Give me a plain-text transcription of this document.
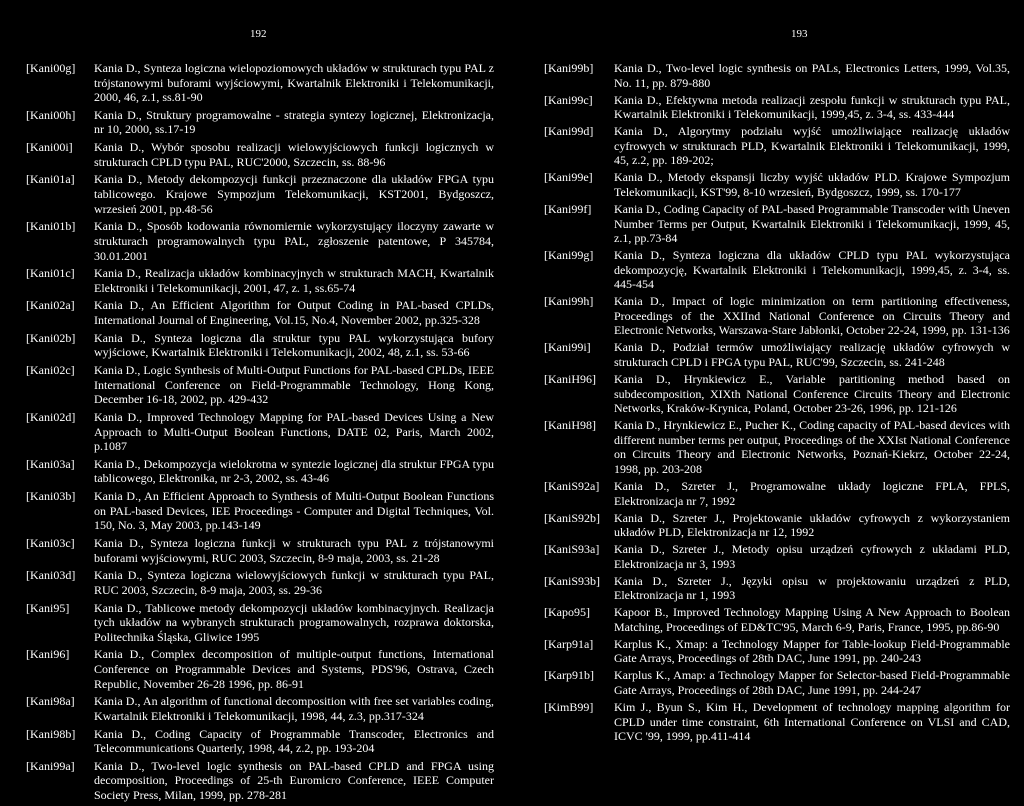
192
[Kani00g]	Kania D., Synteza logiczna wielopoziomowych układów w strukturach typu PAL z trójstanowymi buforami wyjściowymi, Kwartalnik Elektroniki i Telekomunikacji, 2000, 46, z.1, ss.81-90
[Kani00h]	Kania D., Struktury programowalne - strategia syntezy logicznej, Elektronizacja, nr 10, 2000, ss.17-19
[Kani00i]	Kania D., Wybór sposobu realizacji wielowyjściowych funkcji logicznych w strukturach CPLD typu PAL, RUC'2000, Szczecin, ss. 88-96
[Kani01a]	Kania D., Metody dekompozycji funkcji przeznaczone dla układów FPGA typu tablicowego. Krajowe Sympozjum Telekomunikacji, KST2001, Bydgoszcz, wrzesień 2001, pp.48-56
[Kani01b]	Kania D., Sposób kodowania równomiernie wykorzystujący iloczyny zawarte w strukturach programowalnych typu PAL, zgłoszenie patentowe, P 345784, 30.01.2001
[Kani01c]	Kania D., Realizacja układów kombinacyjnych w strukturach MACH, Kwartalnik Elektroniki i Telekomunikacji, 2001, 47, z. 1, ss.65-74
[Kani02a]	Kania D., An Efficient Algorithm for Output Coding in PAL-based CPLDs, International Journal of Engineering, Vol.15, No.4, November 2002, pp.325-328
[Kani02b]	Kania D., Synteza logiczna dla struktur typu PAL wykorzystująca bufory wyjściowe, Kwartalnik Elektroniki i Telekomunikacji, 2002, 48, z.1, ss. 53-66
[Kani02c]	Kania D., Logic Synthesis of Multi-Output Functions for PAL-based CPLDs, IEEE International Conference on Field-Programmable Technology, Hong Kong, December 16-18, 2002, pp. 429-432
[Kani02d]	Kania D., Improved Technology Mapping for PAL-based Devices Using a New Approach to Multi-Output Boolean Functions, DATE 02, Paris, March 2002, p.1087
[Kani03a]	Kania D., Dekompozycja wielokrotna w syntezie logicznej dla struktur FPGA typu tablicowego, Elektronika, nr 2-3, 2002, ss. 43-46
[Kani03b]	Kania D., An Efficient Approach to Synthesis of Multi-Output Boolean Functions on PAL-based Devices, IEE Proceedings - Computer and Digital Techniques, Vol. 150, No. 3, May 2003, pp.143-149
[Kani03c]	Kania D., Synteza logiczna funkcji w strukturach typu PAL z trójstanowymi buforami wyjściowymi, RUC 2003, Szczecin, 8-9 maja, 2003, ss. 21-28
[Kani03d]	Kania D., Synteza logiczna wielowyjściowych funkcji w strukturach typu PAL, RUC 2003, Szczecin, 8-9 maja, 2003, ss. 29-36
[Kani95]	Kania D., Tablicowe metody dekompozycji układów kombinacyjnych. Realizacja tych układów na wybranych strukturach programowalnych, rozprawa doktorska, Politechnika Śląska, Gliwice 1995
[Kani96]	Kania D., Complex decomposition of multiple-output functions, International Conference on Programmable Devices and Systems, PDS'96, Ostrava, Czech Republic, November 26-28 1996, pp. 86-91
[Kani98a]	Kania D., An algorithm of functional decomposition with free set variables coding, Kwartalnik Elektroniki i Telekomunikacji, 1998, 44, z.3, pp.317-324
[Kani98b]	Kania D., Coding Capacity of Programmable Transcoder, Electronics and Telecommunications Quarterly, 1998, 44, z.2, pp. 193-204
[Kani99a]	Kania D., Two-level logic synthesis on PAL-based CPLD and FPGA using decomposition, Proceedings of 25-th Euromicro Conference, IEEE Computer Society Press, Milan, 1999, pp. 278-281
193
[Kani99b]	Kania D., Two-level logic synthesis on PALs, Electronics Letters, 1999, Vol.35, No. 11, pp. 879-880
[Kani99c]	Kania D., Efektywna metoda realizacji zespołu funkcji w strukturach typu PAL, Kwartalnik Elektroniki i Telekomunikacji, 1999,45, z. 3-4, ss. 433-444
[Kani99d]	Kania D., Algorytmy podziału wyjść umożliwiające realizację układów cyfrowych w strukturach PLD, Kwartalnik Elektroniki i Telekomunikacji, 1999, 45, z.2, pp. 189-202;
[Kani99e]	Kania D., Metody ekspansji liczby wyjść układów PLD. Krajowe Sympozjum Telekomunikacji, KST'99, 8-10 wrzesień, Bydgoszcz, 1999, ss. 170-177
[Kani99f]	Kania D., Coding Capacity of PAL-based Programmable Transcoder with Uneven Number Terms per Output, Kwartalnik Elektroniki i Telekomunikacji, 1999, 45, z.1, pp.73-84
[Kani99g]	Kania D., Synteza logiczna dla układów CPLD typu PAL wykorzystująca dekompozycję, Kwartalnik Elektroniki i Telekomunikacji, 1999,45, z. 3-4, ss. 445-454
[Kani99h]	Kania D., Impact of logic minimization on term partitioning effectiveness, Proceedings of the XXIInd National Conference on Circuits Theory and Electronic Networks, Warszawa-Stare Jabłonki, October 22-24, 1999, pp. 131-136
[Kani99i]	Kania D., Podział termów umożliwiający realizację układów cyfrowych w strukturach CPLD i FPGA typu PAL, RUC'99, Szczecin, ss. 241-248
[KaniH96]	Kania D., Hrynkiewicz E., Variable partitioning method based on subdecomposition, XIXth National Conference Circuits Theory and Electronic Networks, Kraków-Krynica, Poland, October 23-26, 1996, pp. 121-126
[KaniH98]	Kania D., Hrynkiewicz E., Pucher K., Coding capacity of PAL-based devices with different number terms per output, Proceedings of the XXIst National Conference on Circuits Theory and Electronic Networks, Poznań-Kiekrz, October 22-24, 1998, pp. 203-208
[KaniS92a]	Kania D., Szreter J., Programowalne układy logiczne FPLA, FPLS, Elektronizacja nr 7, 1992
[KaniS92b]	Kania D., Szreter J., Projektowanie układów cyfrowych z wykorzystaniem układów PLD, Elektronizacja nr 12, 1992
[KaniS93a]	Kania D., Szreter J., Metody opisu urządzeń cyfrowych z układami PLD, Elektronizacja nr 3, 1993
[KaniS93b]	Kania D., Szreter J., Języki opisu w projektowaniu urządzeń z PLD, Elektronizacja nr 1, 1993
[Kapo95]	Kapoor B., Improved Technology Mapping Using A New Approach to Boolean Matching, Proceedings of ED&TC'95, March 6-9, Paris, France, 1995, pp.86-90
[Karp91a]	Karplus K., Xmap: a Technology Mapper for Table-lookup Field-Programmable Gate Arrays, Proceedings of 28th DAC, June 1991, pp. 240-243
[Karp91b]	Karplus K., Amap: a Technology Mapper for Selector-based Field-Programmable Gate Arrays, Proceedings of 28th DAC, June 1991, pp. 244-247
[KimB99]	Kim J., Byun S., Kim H., Development of technology mapping algorithm for CPLD under time constraint, 6th International Conference on VLSI and CAD, ICVC '99, 1999, pp.411-414
